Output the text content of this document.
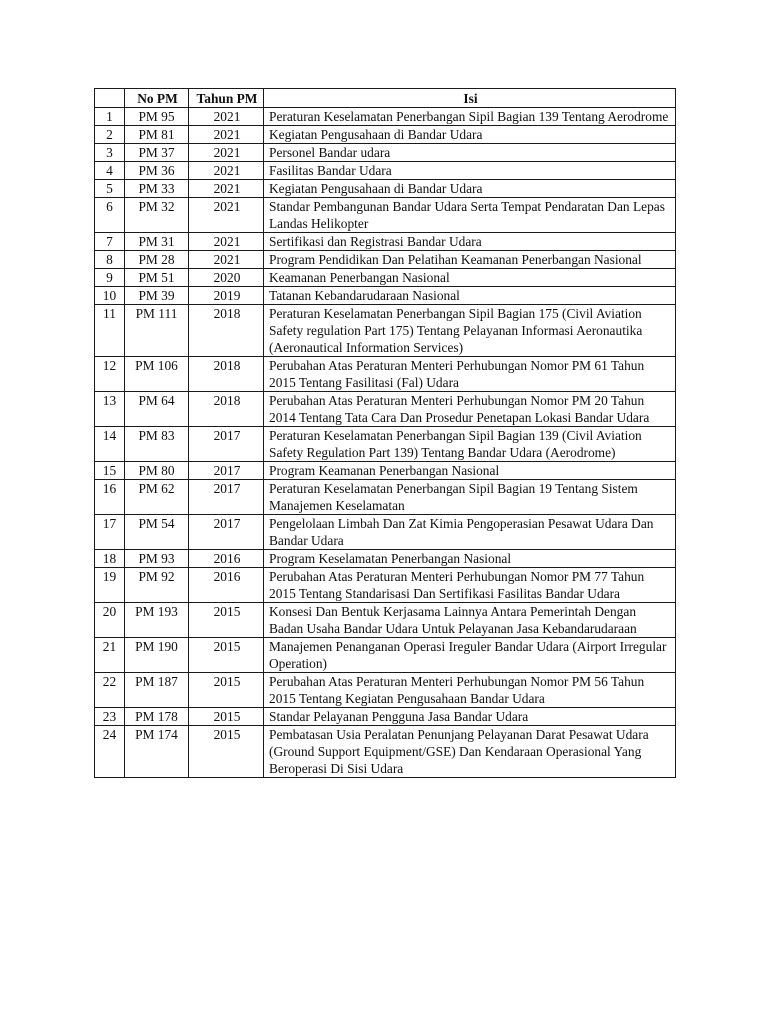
	No PM	Tahun PM	Isi
1	PM 95	2021	Peraturan Keselamatan Penerbangan Sipil Bagian 139 Tentang Aerodrome
2	PM 81	2021	Kegiatan Pengusahaan di Bandar Udara
3	PM 37	2021	Personel Bandar udara
4	PM 36	2021	Fasilitas Bandar Udara
5	PM 33	2021	Kegiatan Pengusahaan di Bandar Udara
6	PM 32	2021	Standar Pembangunan Bandar Udara Serta Tempat Pendaratan Dan Lepas Landas Helikopter
7	PM 31	2021	Sertifikasi dan Registrasi Bandar Udara
8	PM 28	2021	Program Pendidikan Dan Pelatihan Keamanan Penerbangan Nasional
9	PM 51	2020	Keamanan Penerbangan Nasional
10	PM 39	2019	Tatanan Kebandarudaraan Nasional
11	PM 111	2018	Peraturan Keselamatan Penerbangan Sipil Bagian 175 (Civil Aviation Safety regulation Part 175) Tentang Pelayanan Informasi Aeronautika (Aeronautical Information Services)
12	PM 106	2018	Perubahan Atas Peraturan Menteri Perhubungan Nomor PM 61 Tahun 2015 Tentang Fasilitasi (Fal) Udara
13	PM 64	2018	Perubahan Atas Peraturan Menteri Perhubungan Nomor PM 20 Tahun 2014 Tentang Tata Cara Dan Prosedur Penetapan Lokasi Bandar Udara
14	PM 83	2017	Peraturan Keselamatan Penerbangan Sipil Bagian 139 (Civil Aviation Safety Regulation Part 139) Tentang Bandar Udara (Aerodrome)
15	PM 80	2017	Program Keamanan Penerbangan Nasional
16	PM 62	2017	Peraturan Keselamatan Penerbangan Sipil Bagian 19 Tentang Sistem Manajemen Keselamatan
17	PM 54	2017	Pengelolaan Limbah Dan Zat Kimia Pengoperasian Pesawat Udara Dan Bandar Udara
18	PM 93	2016	Program Keselamatan Penerbangan Nasional
19	PM 92	2016	Perubahan Atas Peraturan Menteri Perhubungan Nomor PM 77 Tahun 2015 Tentang Standarisasi Dan Sertifikasi Fasilitas Bandar Udara
20	PM 193	2015	Konsesi Dan Bentuk Kerjasama Lainnya Antara Pemerintah Dengan Badan Usaha Bandar Udara Untuk Pelayanan Jasa Kebandarudaraan
21	PM 190	2015	Manajemen Penanganan Operasi Ireguler Bandar Udara (Airport Irregular Operation)
22	PM 187	2015	Perubahan Atas Peraturan Menteri Perhubungan Nomor PM 56 Tahun 2015 Tentang Kegiatan Pengusahaan Bandar Udara
23	PM 178	2015	Standar Pelayanan Pengguna Jasa Bandar Udara
24	PM 174	2015	Pembatasan Usia Peralatan Penunjang Pelayanan Darat Pesawat Udara (Ground Support Equipment/GSE) Dan Kendaraan Operasional Yang Beroperasi Di Sisi Udara
